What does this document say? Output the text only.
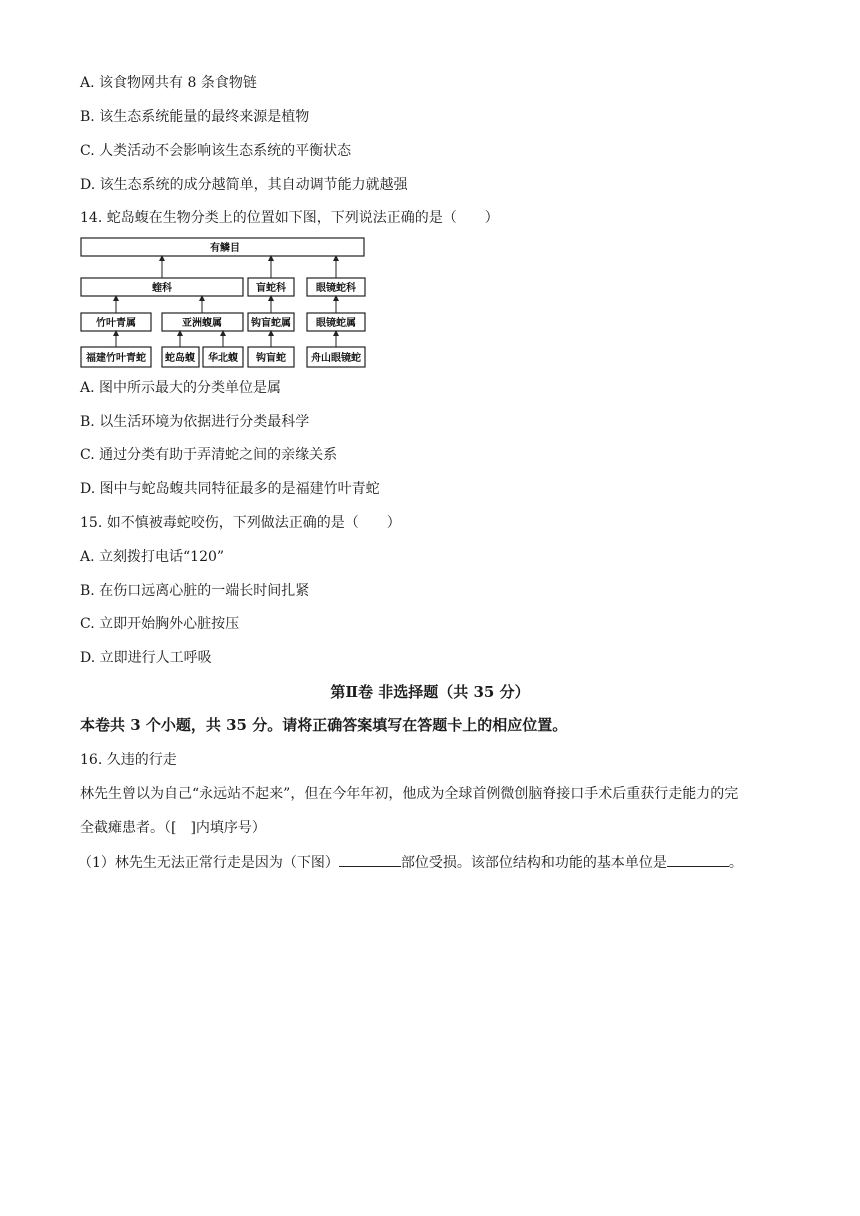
A. 该食物网共有 8 条食物链
B. 该生态系统能量的最终来源是植物
C. 人类活动不会影响该生态系统的平衡状态
D. 该生态系统的成分越简单，其自动调节能力就越强
14. 蛇岛蝮在生物分类上的位置如下图，下列说法正确的是（　　）
有鳞目
蝰科	盲蛇科	眼镜蛇科
竹叶青属	亚洲蝮属	钩盲蛇属	眼镜蛇属
福建竹叶青蛇 蛇岛蝮 华北蝮 钩盲蛇	舟山眼镜蛇
A. 图中所示最大的分类单位是属
B. 以生活环境为依据进行分类最科学
C. 通过分类有助于弄清蛇之间的亲缘关系
D. 图中与蛇岛蝮共同特征最多的是福建竹叶青蛇
15. 如不慎被毒蛇咬伤，下列做法正确的是（　　）
A. 立刻拨打电话“120”
B. 在伤口远离心脏的一端长时间扎紧
C. 立即开始胸外心脏按压
D. 立即进行人工呼吸
第Ⅱ卷 非选择题（共 35 分）
本卷共 3 个小题，共 35 分。请将正确答案填写在答题卡上的相应位置。
16. 久违的行走
林先生曾以为自己“永远站不起来”，但在今年年初，他成为全球首例微创脑脊接口手术后重获行走能力的完
全截瘫患者。（[ ]内填序号）
（1）林先生无法正常行走是因为（下图）	部位受损。该部位结构和功能的基本单位是	。
